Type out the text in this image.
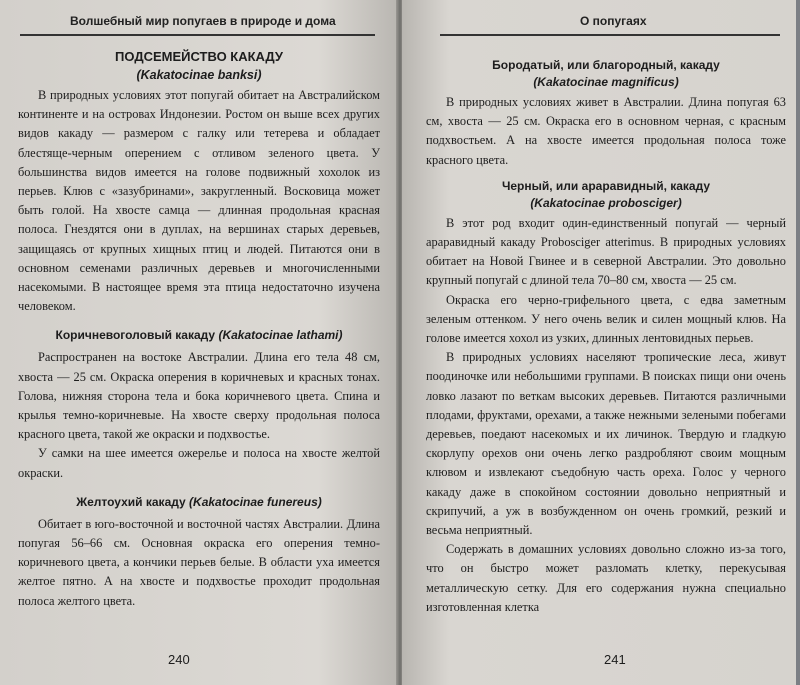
Волшебный мир попугаев в природе и дома
ПОДСЕМЕЙСТВО КАКАДУ
(Kakatocinae banksi)

В природных условиях этот попугай обитает на Австралийском континенте и на островах Индонезии. Ростом он выше всех других видов какаду — размером с галку или тетерева и обладает блестяще-черным оперением с отливом зеленого цвета. У большинства видов имеется на голове подвижный хохолок из перьев. Клюв с «зазубринами», закругленный. Восковица может быть голой. На хвосте самца — длинная продольная красная полоса. Гнездятся они в дуплах, на вершинах старых деревьев, защищаясь от крупных хищных птиц и людей. Питаются они в основном семенами различных деревьев и многочисленными насекомыми. В настоящее время эта птица недостаточно изучена человеком.

Коричневоголовый какаду (Kakatocinae lathami)

Распространен на востоке Австралии. Длина его тела 48 см, хвоста — 25 см. Окраска оперения в коричневых и красных тонах. Голова, нижняя сторона тела и бока коричневого цвета. Спина и крылья темно-коричневые. На хвосте сверху продольная полоса красного цвета, такой же окраски и подхвостье.

У самки на шее имеется ожерелье и полоса на хвосте желтой окраски.

Желтоухий какаду (Kakatocinae funereus)

Обитает в юго-восточной и восточной частях Австралии. Длина попугая 56–66 см. Основная окраска его оперения темно-коричневого цвета, а кончики перьев белые. В области уха имеется желтое пятно. А на хвосте и подхвостье проходит продольная полоса желтого цвета.

240
О попугаях
Бородатый, или благородный, какаду
(Kakatocinae magnificus)

В природных условиях живет в Австралии. Длина попугая 63 см, хвоста — 25 см. Окраска его в основном черная, с красным подхвостьем. А на хвосте имеется продольная полоса тоже красного цвета.

Черный, или арaравидный, какаду
(Kakatocinae probosciger)

В этот род входит один-единственный попугай — черный арaравидный какаду Probosciger atterimus. В природных условиях обитает на Новой Гвинее и в северной Австралии. Это довольно крупный попугай с длиной тела 70–80 см, хвоста — 25 см.

Окраска его черно-грифельного цвета, с едва заметным зеленым оттенком. У него очень велик и силен мощный клюв. На голове имеется хохол из узких, длинных лентовидных перьев.

В природных условиях населяют тропические леса, живут поодиночке или небольшими группами. В поисках пищи они очень ловко лазают по веткам высоких деревьев. Питаются различными плодами, фруктами, орехами, а также нежными зелеными побегами деревьев, поедают насекомых и их личинок. Твердую и гладкую скорлупу орехов они очень легко раздробляют своим мощным клювом и извлекают съедобную часть ореха. Голос у черного какаду даже в спокойном состоянии довольно неприятный и скрипучий, а уж в возбужденном он очень громкий, резкий и весьма неприятный.

Содержать в домашних условиях довольно сложно из-за того, что он быстро может разломать клетку, перекусывая металлическую сетку. Для его содержания нужна специально изготовленная клетка

241
